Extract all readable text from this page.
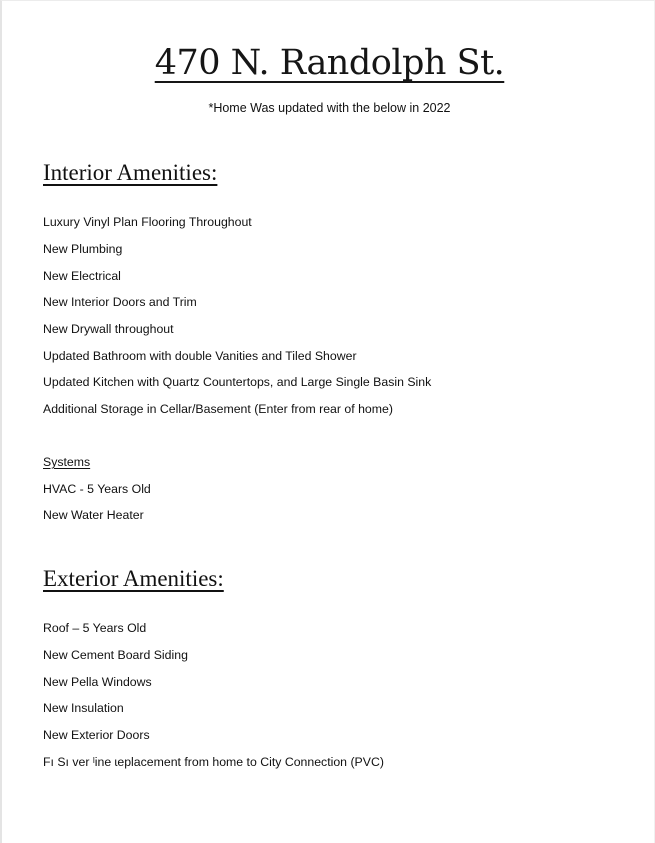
470 N. Randolph St.
*Home Was updated with the below in 2022
Interior Amenities:
Luxury Vinyl Plan Flooring Throughout
New Plumbing
New Electrical
New Interior Doors and Trim
New Drywall throughout
Updated Bathroom with double Vanities and Tiled Shower
Updated Kitchen with Quartz Countertops, and Large Single Basin Sink
Additional Storage in Cellar/Basement (Enter from rear of home)
Systems
HVAC - 5 Years Old
New Water Heater
Exterior Amenities:
Roof – 5 Years Old
New Cement Board Siding
New Pella Windows
New Insulation
New Exterior Doors
Fı Sı ver ˡine ɩeplacement from home to City Connection (PVC)
